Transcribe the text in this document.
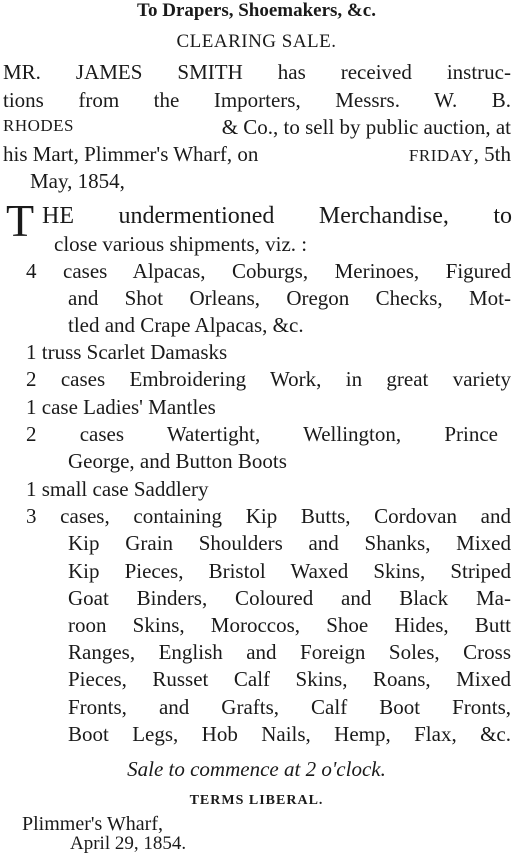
To Drapers, Shoemakers, &c.
CLEARING SALE.
MR. JAMES SMITH has received instruc-
tions from the Importers, Messrs. W. B.
RHODES	& Co., to sell by public auction, at
his Mart, Plimmer's Wharf, on	FRIDAY, 5th
May, 1854,
T HE undermentioned Merchandise, to
close various shipments, viz. :
4 cases Alpacas, Coburgs, Merinoes, Figured
and Shot Orleans, Oregon Checks, Mot-
tled and Crape Alpacas, &c.
1 truss Scarlet Damasks
2 cases Embroidering Work, in great variety
1 case Ladies' Mantles
2 cases Watertight, Wellington, Prince
George, and Button Boots
1 small case Saddlery
3 cases, containing Kip Butts, Cordovan and
Kip Grain Shoulders and Shanks, Mixed
Kip Pieces, Bristol Waxed Skins, Striped
Goat Binders, Coloured and Black Ma-
roon Skins, Moroccos, Shoe Hides, Butt
Ranges, English and Foreign Soles, Cross
Pieces, Russet Calf Skins, Roans, Mixed
Fronts, and Grafts, Calf Boot Fronts,
Boot Legs, Hob Nails, Hemp, Flax, &c.
Sale to commence at 2 o'clock.
TERMS LIBERAL.
Plimmer's Wharf,
April 29, 1854.
